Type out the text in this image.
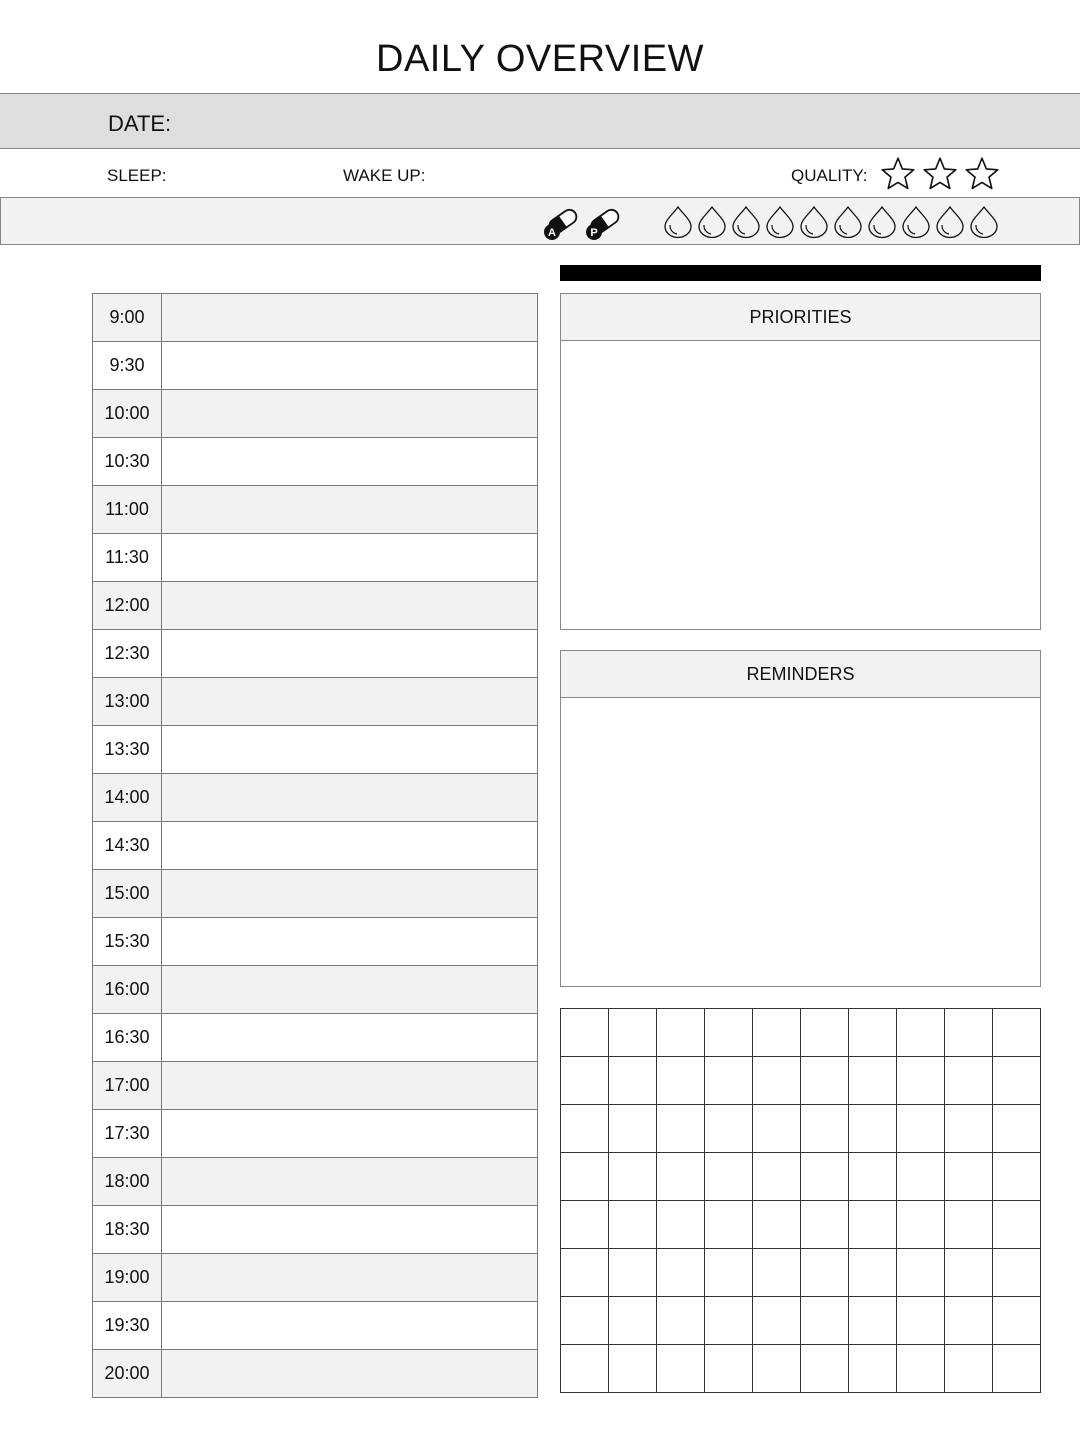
DAILY OVERVIEW
DATE:
SLEEP:	WAKE UP:	QUALITY:
A	P
9:00	
9:30	
10:00	
10:30	
11:00	
11:30	
12:00	
12:30	
13:00	
13:30	
14:00	
14:30	
15:00	
15:30	
16:00	
16:30	
17:00	
17:30	
18:00	
18:30	
19:00	
19:30	
20:00	
PRIORITIES
REMINDERS
